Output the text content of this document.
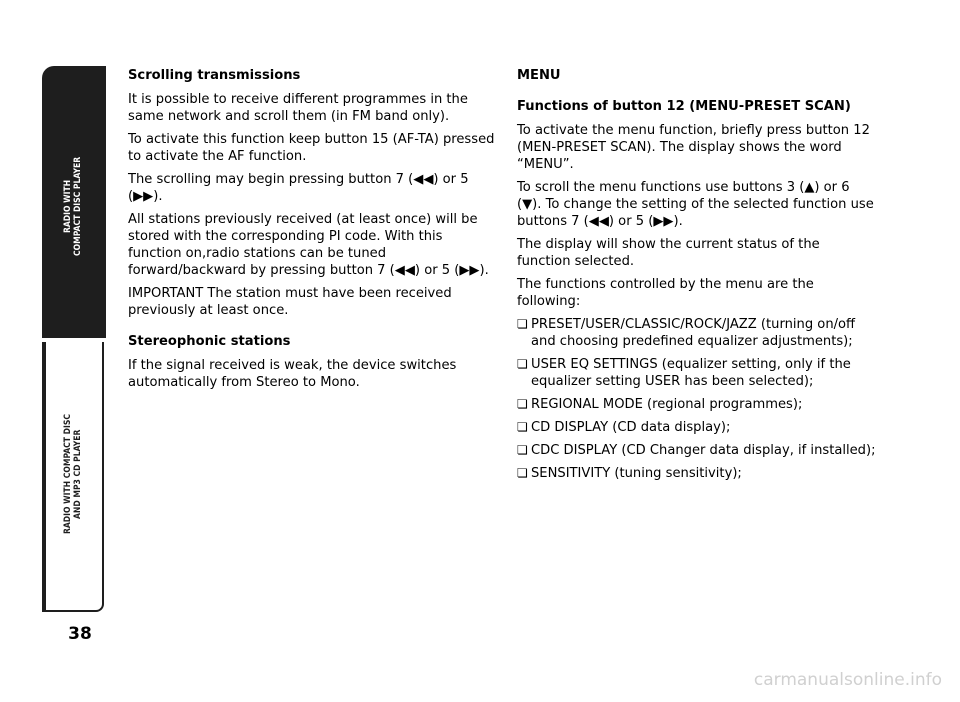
RADIO WITH
COMPACT DISC PLAYER
RADIO WITH COMPACT DISC
AND MP3 CD PLAYER
38
Scrolling transmissions
It is possible to receive different programmes in the same network and scroll them (in FM band only).
To activate this function keep button 15 (AF-TA) pressed to activate the AF function.
The scrolling may begin pressing button 7 (◀◀) or 5 (▶▶).
All stations previously received (at least once) will be stored with the corresponding PI code. With this function on,radio stations can be tuned forward/backward by pressing button 7 (◀◀) or 5 (▶▶).
IMPORTANT The station must have been received previously at least once.
Stereophonic stations
If the signal received is weak, the device switches automatically from Stereo to Mono.
MENU
Functions of button 12 (MENU-PRESET SCAN)
To activate the menu function, briefly press button 12 (MEN-PRESET SCAN). The display shows the word “MENU”.
To scroll the menu functions use buttons 3 (▲) or 6 (▼). To change the setting of the selected function use buttons 7 (◀◀) or 5 (▶▶).
The display will show the current status of the function selected.
The functions controlled by the menu are the following:
❏ PRESET/USER/CLASSIC/ROCK/JAZZ (turning on/off and choosing predefined equalizer adjustments);
❏ USER EQ SETTINGS (equalizer setting, only if the equalizer setting USER has been selected);
❏ REGIONAL MODE (regional programmes);
❏ CD DISPLAY (CD data display);
❏ CDC DISPLAY (CD Changer data display, if installed);
❏ SENSITIVITY (tuning sensitivity);
carmanualsonline.info
